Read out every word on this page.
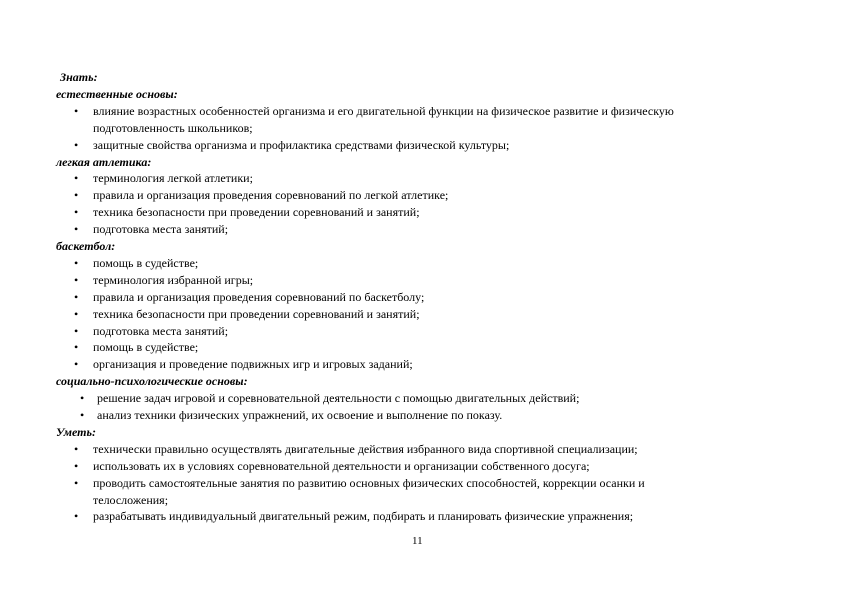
11
Знать:
естественные основы:
• влияние возрастных особенностей организма и его двигательной функции на физическое развитие и физическую
подготовленность школьников;
• защитные свойства организма и профилактика средствами физической культуры;
легкая атлетика:
• терминология легкой атлетики;
• правила и организация проведения соревнований по легкой атлетике;
• техника безопасности при проведении соревнований и занятий;
• подготовка места занятий;
баскетбол:
• помощь в судействе;
• терминология избранной игры;
• правила и организация проведения соревнований по баскетболу;
• техника безопасности при проведении соревнований и занятий;
• подготовка места занятий;
• помощь в судействе;
• организация и проведение подвижных игр и игровых заданий;
социально-психологические основы:
• решение задач игровой и соревновательной деятельности с помощью двигательных действий;
• анализ техники физических упражнений, их освоение и выполнение по показу.
Уметь:
• технически правильно осуществлять двигательные действия избранного вида спортивной специализации;
• использовать их в условиях соревновательной деятельности и организации собственного досуга;
• проводить самостоятельные занятия по развитию основных физических способностей, коррекции осанки и
телосложения;
• разрабатывать индивидуальный двигательный режим, подбирать и планировать физические упражнения;
